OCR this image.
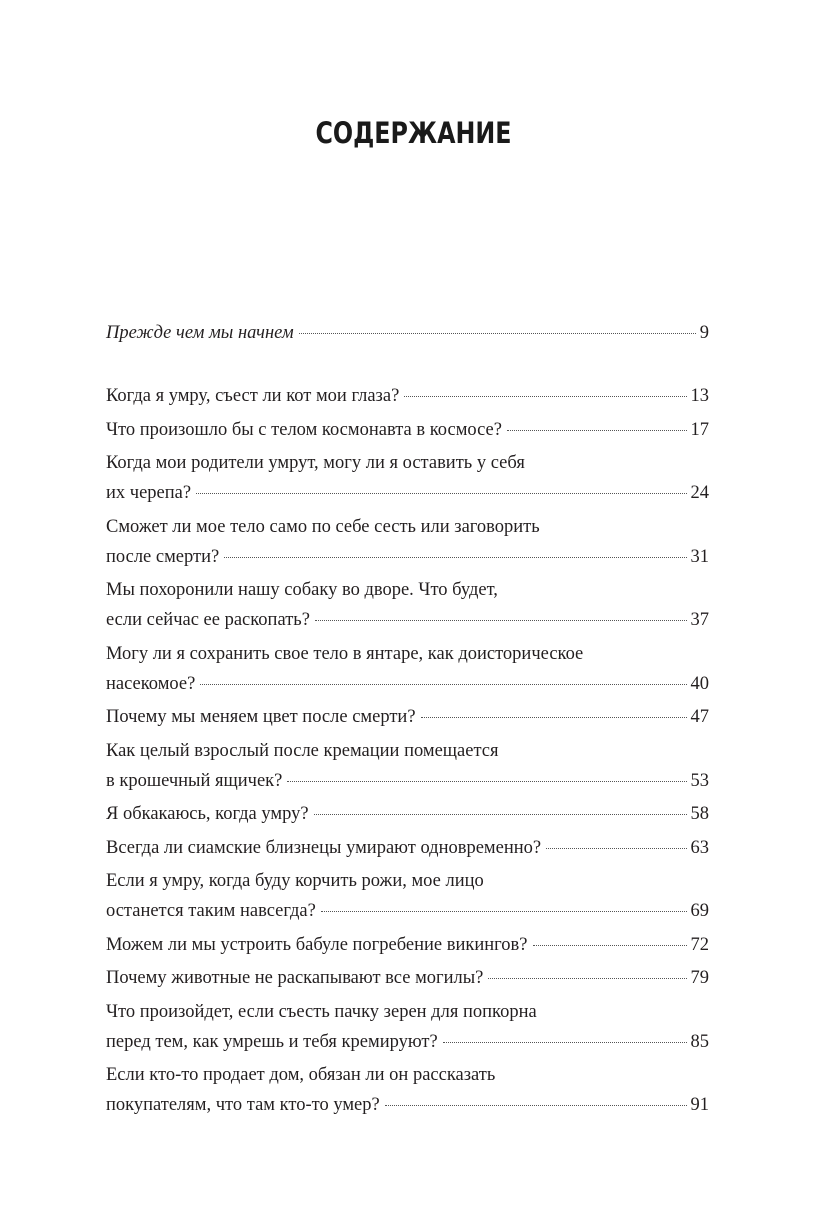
СОДЕРЖАНИЕ
Прежде чем мы начнем	9
Когда я умру, съест ли кот мои глаза?	13
Что произошло бы с телом космонавта в космосе?	17
Когда мои родители умрут, могу ли я оставить у себя
их черепа?	24
Сможет ли мое тело само по себе сесть или заговорить
после смерти?	31
Мы похоронили нашу собаку во дворе. Что будет,
если сейчас ее раскопать?	37
Могу ли я сохранить свое тело в янтаре, как доисторическое
насекомое?	40
Почему мы меняем цвет после смерти?	47
Как целый взрослый после кремации помещается
в крошечный ящичек?	53
Я обкакаюсь, когда умру?	58
Всегда ли сиамские близнецы умирают одновременно?	63
Если я умру, когда буду корчить рожи, мое лицо
останется таким навсегда?	69
Можем ли мы устроить бабуле погребение викингов?	72
Почему животные не раскапывают все могилы?	79
Что произойдет, если съесть пачку зерен для попкорна
перед тем, как умрешь и тебя кремируют?	85
Если кто-то продает дом, обязан ли он рассказать
покупателям, что там кто-то умер?	91
